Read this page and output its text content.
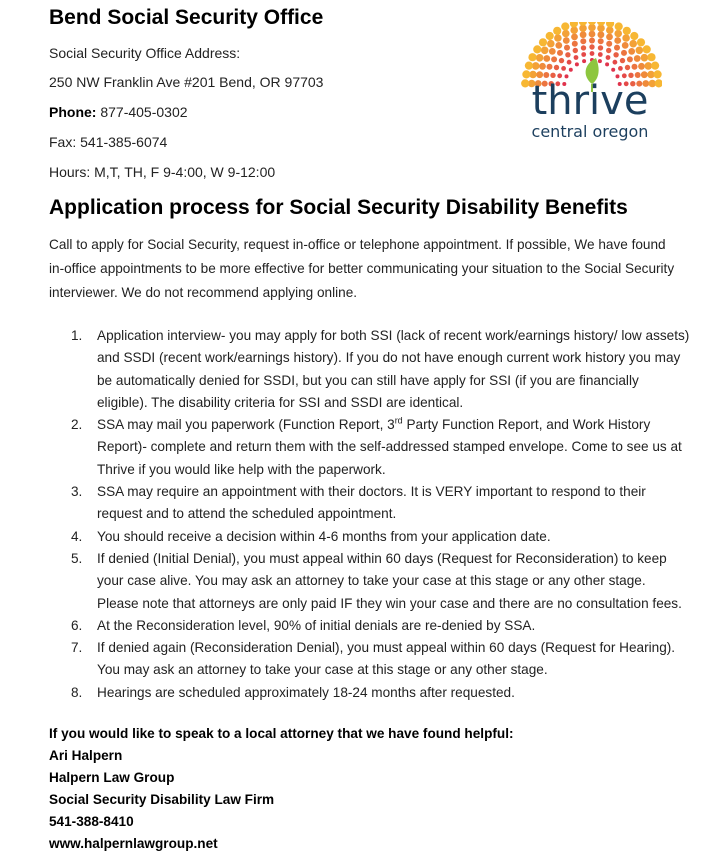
Bend Social Security Office
Social Security Office Address:
250 NW Franklin Ave #201 Bend, OR 97703
Phone: 877-405-0302
Fax: 541-385-6074
Hours: M,T, TH, F 9-4:00, W 9-12:00
thrive
central oregon
Application process for Social Security Disability Benefits
Call to apply for Social Security, request in-office or telephone appointment. If possible, We have found
in-office appointments to be more effective for better communicating your situation to the Social Security
interviewer. We do not recommend applying online.
1. Application interview- you may apply for both SSI (lack of recent work/earnings history/ low assets)
and SSDI (recent work/earnings history). If you do not have enough current work history you may
be automatically denied for SSDI, but you can still have apply for SSI (if you are financially
eligible). The disability criteria for SSI and SSDI are identical.
2. SSA may mail you paperwork (Function Report, 3rd Party Function Report, and Work History
Report)- complete and return them with the self-addressed stamped envelope. Come to see us at
Thrive if you would like help with the paperwork.
3. SSA may require an appointment with their doctors. It is VERY important to respond to their
request and to attend the scheduled appointment.
4. You should receive a decision within 4-6 months from your application date.
5. If denied (Initial Denial), you must appeal within 60 days (Request for Reconsideration) to keep
your case alive. You may ask an attorney to take your case at this stage or any other stage.
Please note that attorneys are only paid IF they win your case and there are no consultation fees.
6. At the Reconsideration level, 90% of initial denials are re-denied by SSA.
7. If denied again (Reconsideration Denial), you must appeal within 60 days (Request for Hearing).
You may ask an attorney to take your case at this stage or any other stage.
8. Hearings are scheduled approximately 18-24 months after requested.
If you would like to speak to a local attorney that we have found helpful:
Ari Halpern
Halpern Law Group
Social Security Disability Law Firm
541-388-8410
www.halpernlawgroup.net
